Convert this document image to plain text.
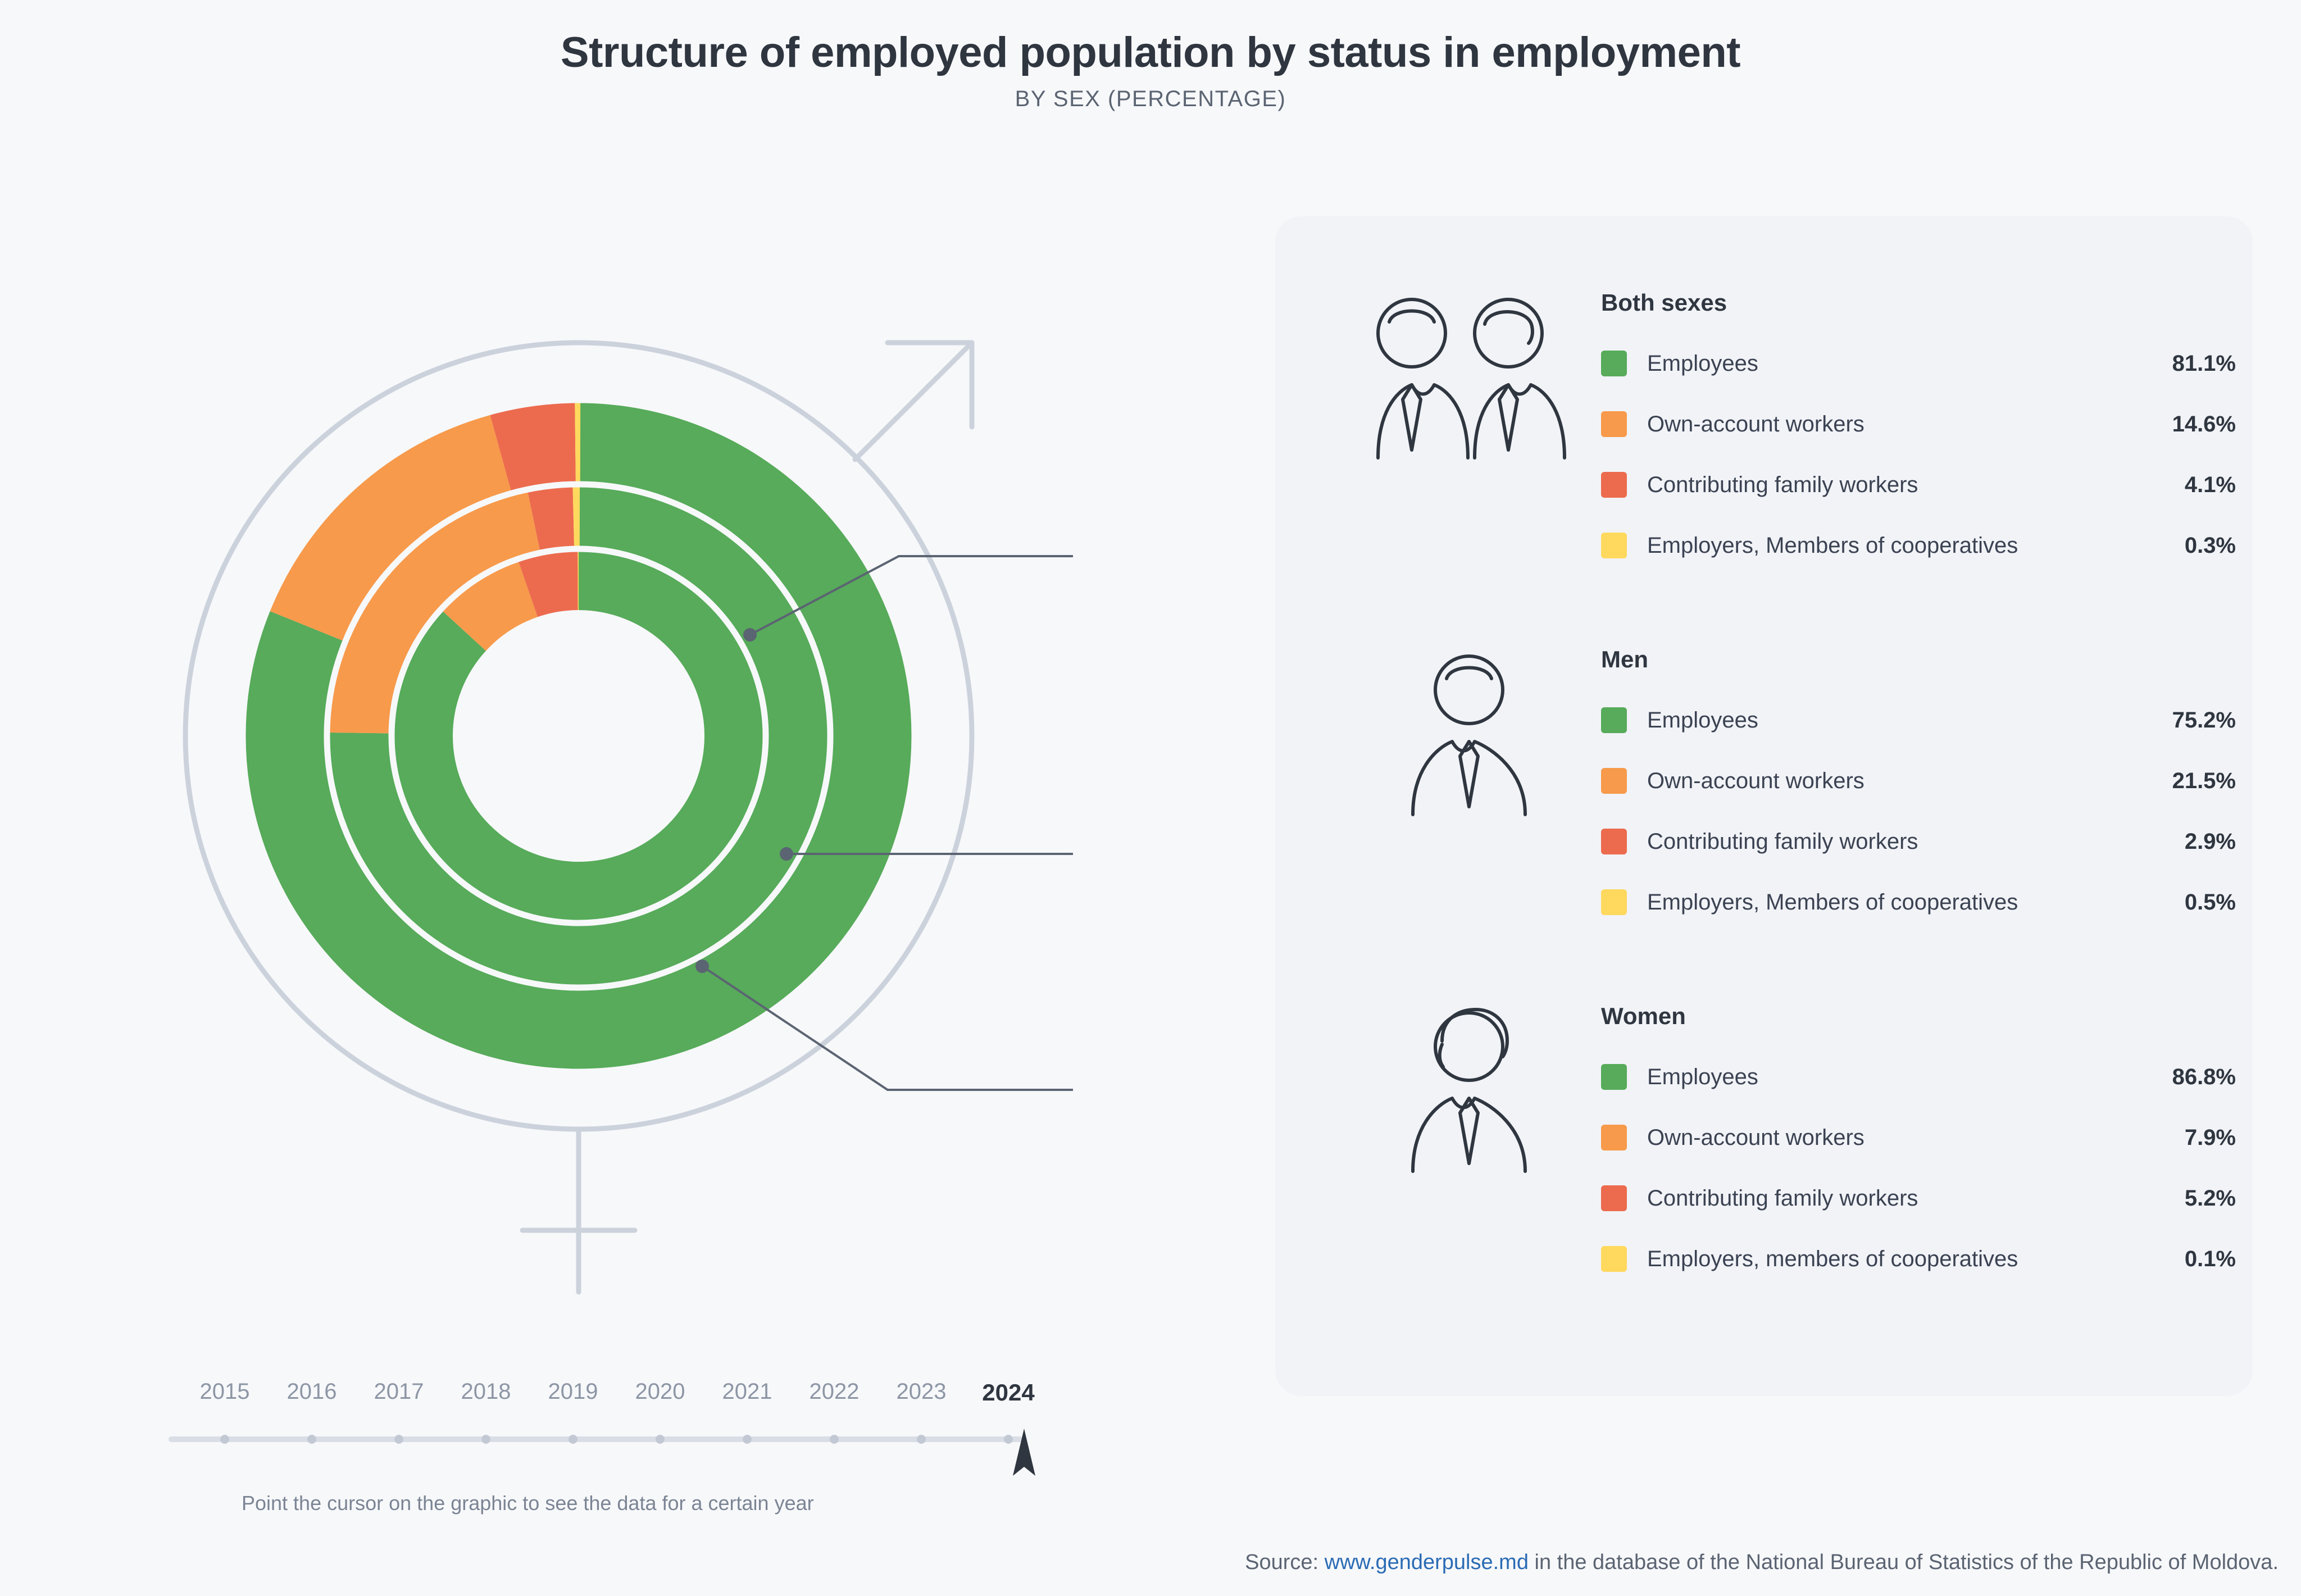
Structure of employed population by status in employment
BY SEX (PERCENTAGE)
Both sexes
Employees	81.1%
Own-account workers	14.6%
Contributing family workers	4.1%
Employers, Members of cooperatives	0.3%
Men
Employees	75.2%
Own-account workers	21.5%
Contributing family workers	2.9%
Employers, Members of cooperatives	0.5%
Women
Employees	86.8%
Own-account workers	7.9%
Contributing family workers	5.2%
Employers, members of cooperatives	0.1%
2015 2016 2017 2018 2019 2020 2021 2022 2023 2024
Point the cursor on the graphic to see the data for a certain year
Source: www.genderpulse.md in the database of the National Bureau of Statistics of the Republic of Moldova.
